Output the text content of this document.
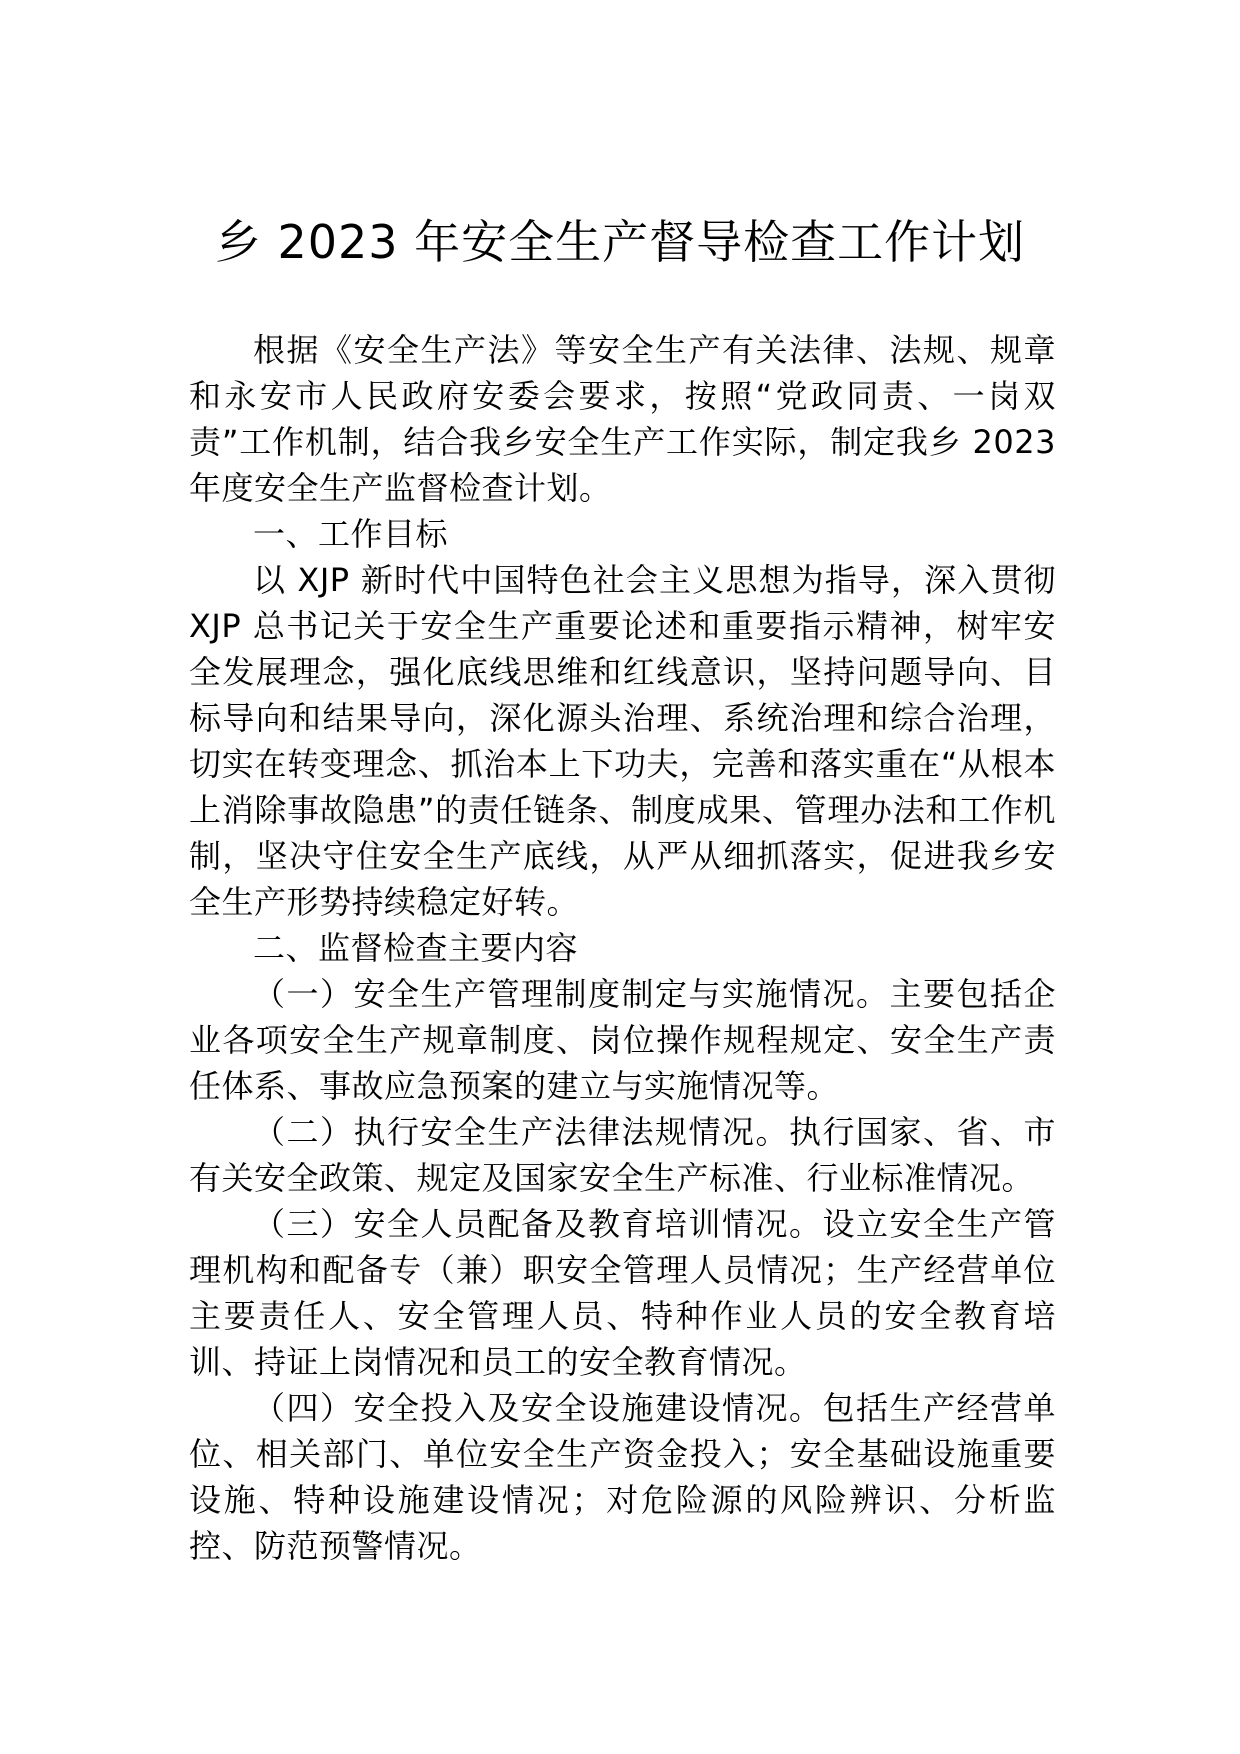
乡 2023 年安全生产督导检查工作计划

根据《安全生产法》等安全生产有关法律、法规、规章和永安市人民政府安委会要求，按照“党政同责、一岗双责”工作机制，结合我乡安全生产工作实际，制定我乡 2023 年度安全生产监督检查计划。

一、工作目标

以 XJP 新时代中国特色社会主义思想为指导，深入贯彻 XJP 总书记关于安全生产重要论述和重要指示精神，树牢安全发展理念，强化底线思维和红线意识，坚持问题导向、目标导向和结果导向，深化源头治理、系统治理和综合治理，切实在转变理念、抓治本上下功夫，完善和落实重在“从根本上消除事故隐患”的责任链条、制度成果、管理办法和工作机制，坚决守住安全生产底线，从严从细抓落实，促进我乡安全生产形势持续稳定好转。

二、监督检查主要内容

（一）安全生产管理制度制定与实施情况。主要包括企业各项安全生产规章制度、岗位操作规程规定、安全生产责任体系、事故应急预案的建立与实施情况等。

（二）执行安全生产法律法规情况。执行国家、省、市有关安全政策、规定及国家安全生产标准、行业标准情况。

（三）安全人员配备及教育培训情况。设立安全生产管理机构和配备专（兼）职安全管理人员情况；生产经营单位主要责任人、安全管理人员、特种作业人员的安全教育培训、持证上岗情况和员工的安全教育情况。

（四）安全投入及安全设施建设情况。包括生产经营单位、相关部门、单位安全生产资金投入；安全基础设施重要设施、特种设施建设情况；对危险源的风险辨识、分析监控、防范预警情况。
